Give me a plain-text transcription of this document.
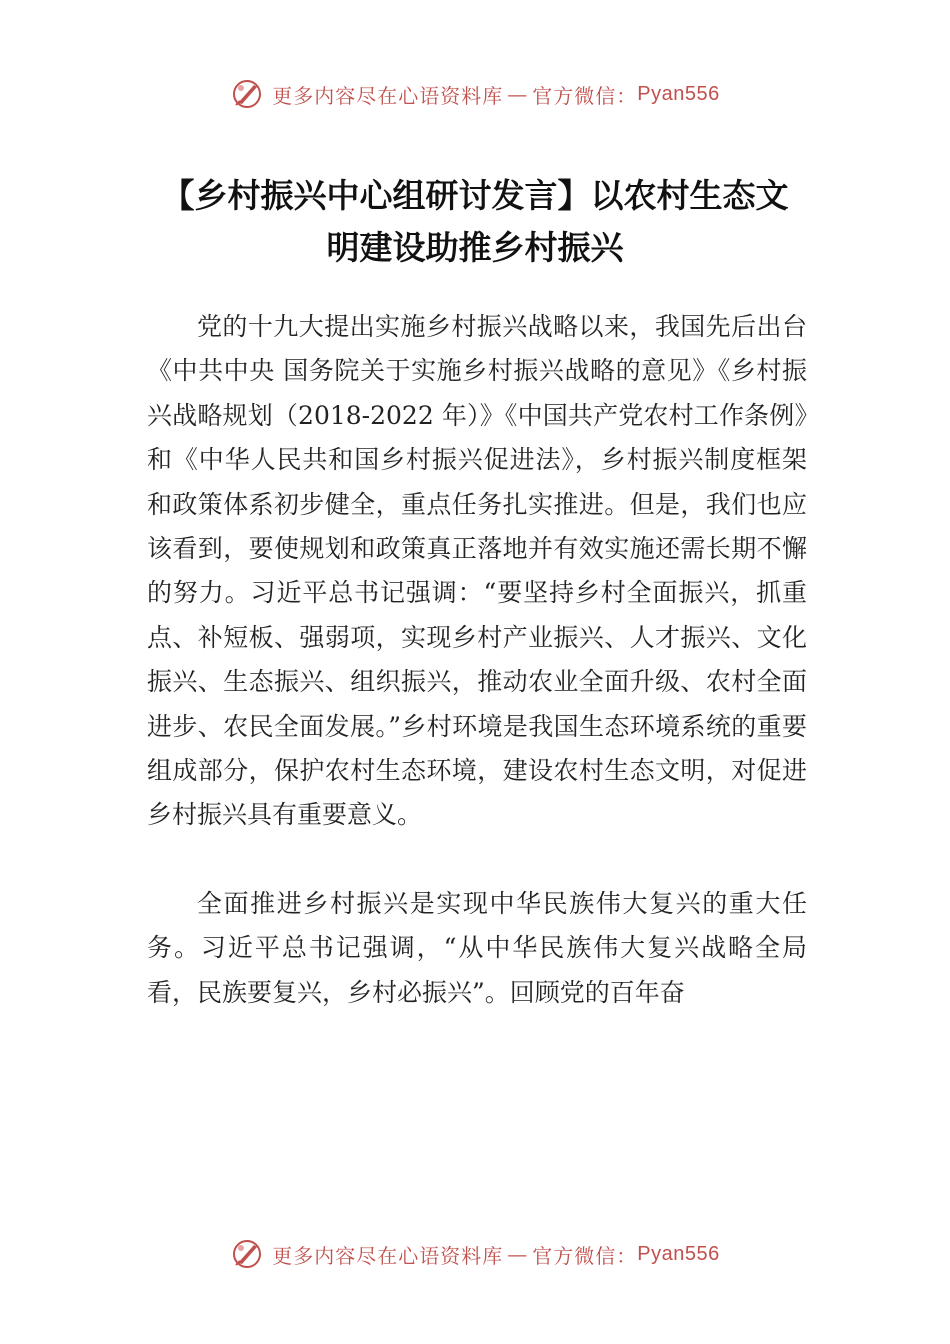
更多内容尽在心语资料库 — 官方微信： Pyan556
【乡村振兴中心组研讨发言】以农村生态文
明建设助推乡村振兴

党的十九大提出实施乡村振兴战略以来，我国先后出台《中共中央 国务院关于实施乡村振兴战略的意见》《乡村振兴战略规划（2018-2022 年）》《中国共产党农村工作条例》和《中华人民共和国乡村振兴促进法》，乡村振兴制度框架和政策体系初步健全，重点任务扎实推进。但是，我们也应该看到，要使规划和政策真正落地并有效实施还需长期不懈的努力。习近平总书记强调：“要坚持乡村全面振兴，抓重点、补短板、强弱项，实现乡村产业振兴、人才振兴、文化振兴、生态振兴、组织振兴，推动农业全面升级、农村全面进步、农民全面发展。”乡村环境是我国生态环境系统的重要组成部分，保护农村生态环境，建设农村生态文明，对促进乡村振兴具有重要意义。

全面推进乡村振兴是实现中华民族伟大复兴的重大任务。习近平总书记强调，“从中华民族伟大复兴战略全局看，民族要复兴，乡村必振兴”。回顾党的百年奋

更多内容尽在心语资料库 — 官方微信： Pyan556
